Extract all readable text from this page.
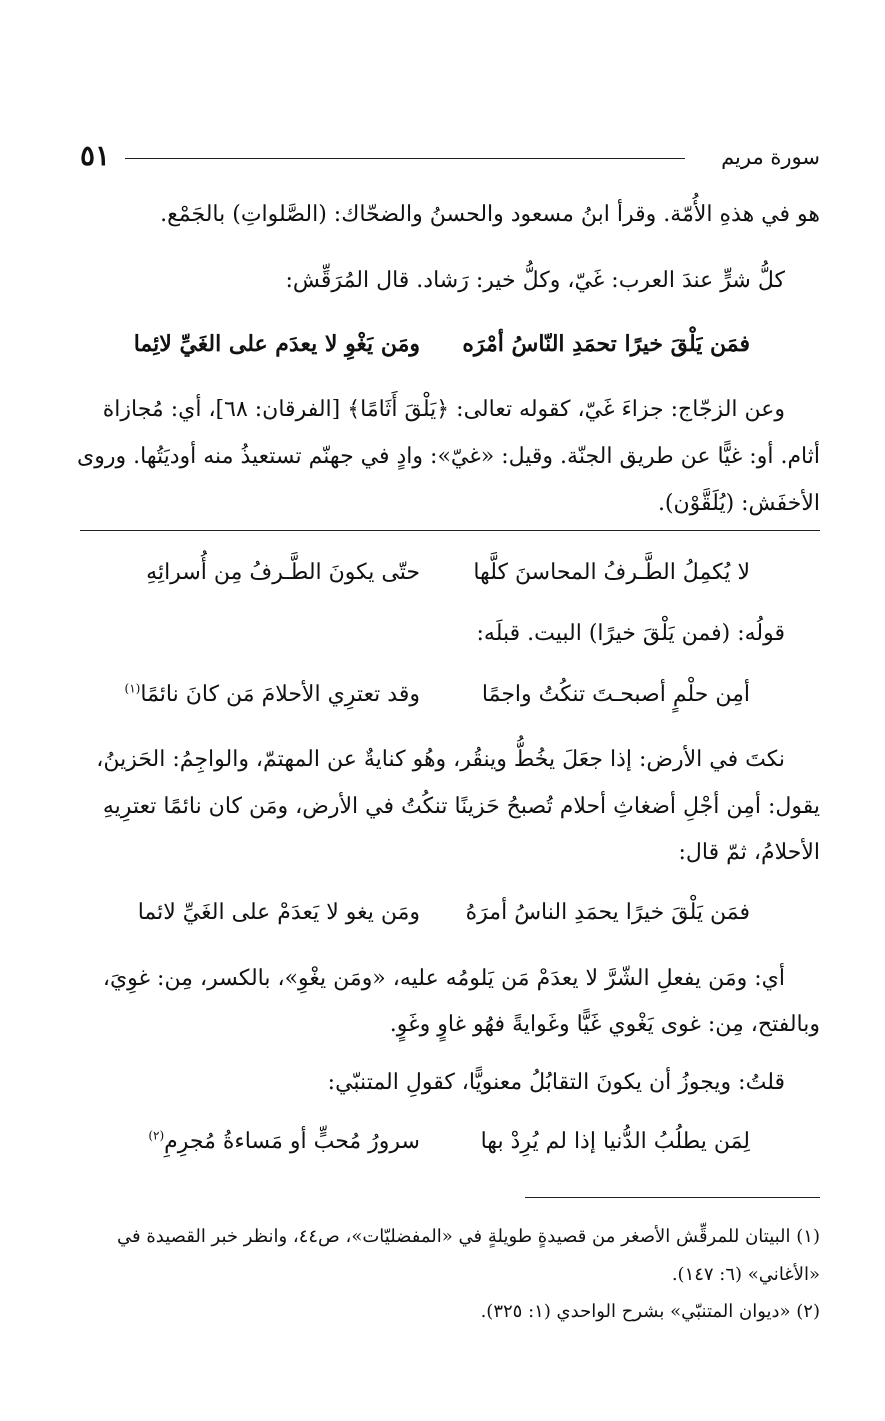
سورة مريم
٥١
هو في هذهِ الأُمّة. وقرأ ابنُ مسعود والحسنُ والضحّاك: (الصَّلواتِ) بالجَمْع.
كلُّ شرٍّ عندَ العرب: غَيّ، وكلُّ خير: رَشاد. قال المُرَقِّش:
فمَن يَلْقَ خيرًا تحمَدِ النّاسُ أمْرَه
ومَن يَغْوِ لا يعدَم على الغَيِّ لائِما
وعن الزجّاج: جزاءَ غَيّ، كقوله تعالى: ﴿يَلْقَ أَثَامًا﴾ [الفرقان: ٦٨]، أي: مُجازاة
أثام. أو: غيًّا عن طريق الجنّة. وقيل: «غيّ»: وادٍ في جهنّم تستعيذُ منه أوديَتُها. وروى
الأخفَش: (يُلَقَّوْن).
لا يُكمِلُ الطَّـرفُ المحاسنَ كلَّها
حتّى يكونَ الطَّـرفُ مِن أُسرائِهِ
قولُه: (فمن يَلْقَ خيرًا) البيت. قبلَه:
أمِن حلْمٍ أصبحـتَ تنكُتُ واجمًا
وقد تعترِي الأحلامَ مَن كانَ نائمًا$^{(١)}$
نكتَ في الأرض: إذا جعَلَ يخُطُّ وينقُر، وهُو كنايةٌ عن المهتمّ، والواجِمُ: الحَزينُ،
يقول: أمِن أجْلِ أضغاثِ أحلام تُصبحُ حَزينًا تنكُتُ في الأرض، ومَن كان نائمًا تعترِيهِ
الأحلامُ، ثمّ قال:
فمَن يَلْقَ خيرًا يحمَدِ الناسُ أمرَهُ
ومَن يغو لا يَعدَمْ على الغَيِّ لائما
أي: ومَن يفعلِ الشّرَّ لا يعدَمْ مَن يَلومُه عليه، «ومَن يغْوِ»، بالكسر، مِن: غوِيَ،
وبالفتح، مِن: غوى يَغْوي غَيًّا وغَوايةً فهُو غاوٍ وغَوٍ.
قلتُ: ويجوزُ أن يكونَ التقابُلُ معنويًّا، كقولِ المتنبّي:
لِمَن يطلُبُ الدُّنيا إذا لم يُرِدْ بها
سرورُ مُحبٍّ أو مَساءةُ مُجرِمِ$^{(٢)}$
(١) البيتان للمرقِّش الأصغر من قصيدةٍ طويلةٍ في «المفضليّات»، ص٤٤، وانظر خبر القصيدة في
«الأغاني» (٦: ١٤٧).
(٢) «ديوان المتنبّي» بشرح الواحدي (١: ٣٢٥).
